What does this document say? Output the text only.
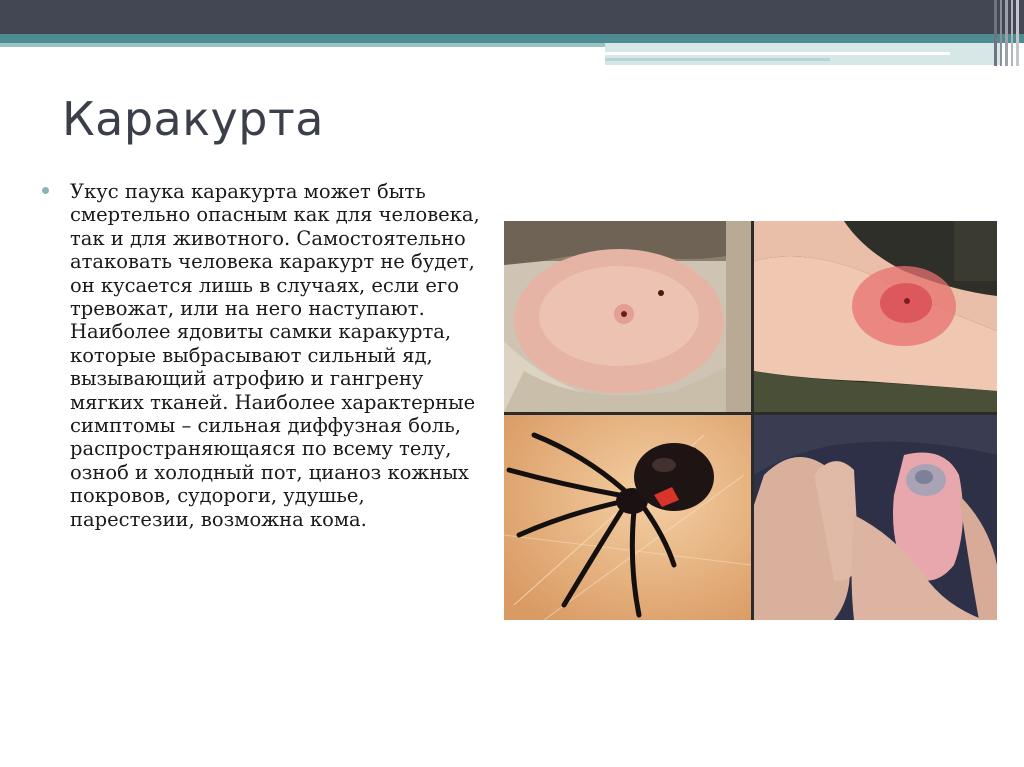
Каракурта
Укус паука каракурта может быть смертельно опасным как для человека, так и для животного. Самостоятельно атаковать человека каракурт не будет, он кусается лишь в случаях, если его тревожат, или на него наступают. Наиболее ядовиты самки каракурта, которые выбрасывают сильный яд, вызывающий атрофию и гангрену мягких тканей. Наиболее характерные симптомы – сильная диффузная боль, распространяющаяся по всему телу, озноб и холодный пот, цианоз кожных покровов, судороги, удушье, парестезии, возможна кома.
